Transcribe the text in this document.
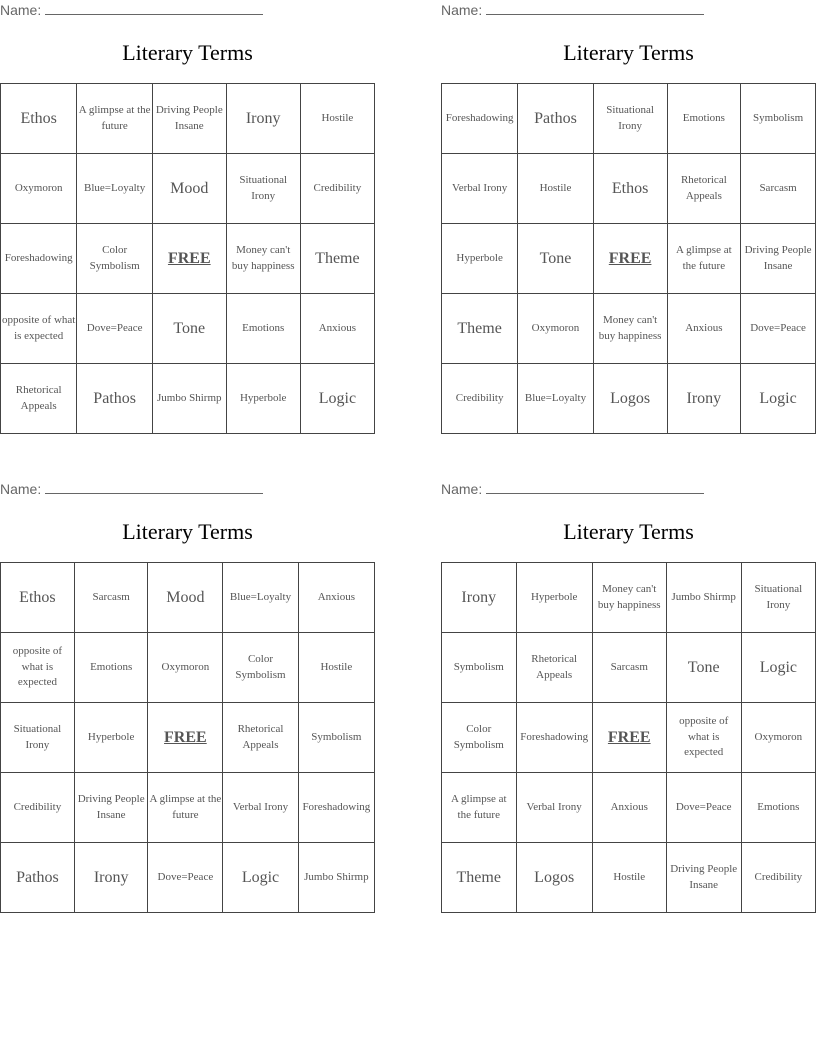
Name:
Literary Terms
Ethos	A glimpse at the future	Driving People Insane	Irony	Hostile
Oxymoron	Blue=Loyalty	Mood	Situational Irony	Credibility
Foreshadowing	Color Symbolism	FREE	Money can't buy happiness	Theme
opposite of what is expected	Dove=Peace	Tone	Emotions	Anxious
Rhetorical Appeals	Pathos	Jumbo Shirmp	Hyperbole	Logic
Name:
Literary Terms
Foreshadowing	Pathos	Situational Irony	Emotions	Symbolism
Verbal Irony	Hostile	Ethos	Rhetorical Appeals	Sarcasm
Hyperbole	Tone	FREE	A glimpse at the future	Driving People Insane
Theme	Oxymoron	Money can't buy happiness	Anxious	Dove=Peace
Credibility	Blue=Loyalty	Logos	Irony	Logic
Name:
Literary Terms
Ethos	Sarcasm	Mood	Blue=Loyalty	Anxious
opposite of what is expected	Emotions	Oxymoron	Color Symbolism	Hostile
Situational Irony	Hyperbole	FREE	Rhetorical Appeals	Symbolism
Credibility	Driving People Insane	A glimpse at the future	Verbal Irony	Foreshadowing
Pathos	Irony	Dove=Peace	Logic	Jumbo Shirmp
Name:
Literary Terms
Irony	Hyperbole	Money can't buy happiness	Jumbo Shirmp	Situational Irony
Symbolism	Rhetorical Appeals	Sarcasm	Tone	Logic
Color Symbolism	Foreshadowing	FREE	opposite of what is expected	Oxymoron
A glimpse at the future	Verbal Irony	Anxious	Dove=Peace	Emotions
Theme	Logos	Hostile	Driving People Insane	Credibility
